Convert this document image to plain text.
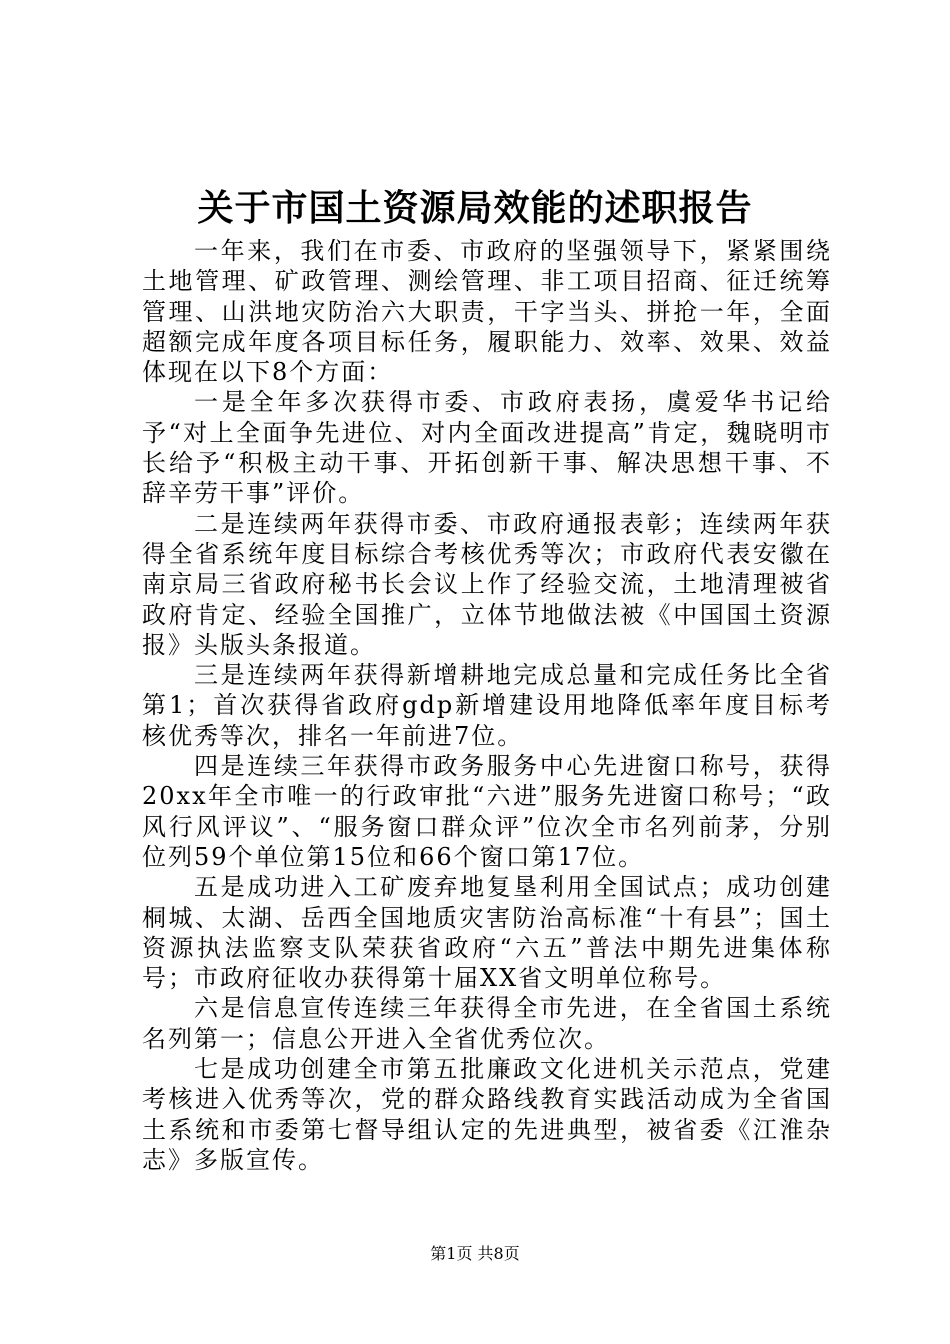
关于市国土资源局效能的述职报告

一年来，我们在市委、市政府的坚强领导下，紧紧围绕土地管理、矿政管理、测绘管理、非工项目招商、征迁统筹管理、山洪地灾防治六大职责，干字当头、拼抢一年，全面超额完成年度各项目标任务，履职能力、效率、效果、效益体现在以下8个方面：

一是全年多次获得市委、市政府表扬，虞爱华书记给予“对上全面争先进位、对内全面改进提高”肯定，魏晓明市长给予“积极主动干事、开拓创新干事、解决思想干事、不辞辛劳干事”评价。

二是连续两年获得市委、市政府通报表彰；连续两年获得全省系统年度目标综合考核优秀等次；市政府代表安徽在南京局三省政府秘书长会议上作了经验交流，土地清理被省政府肯定、经验全国推广，立体节地做法被《中国国土资源报》头版头条报道。

三是连续两年获得新增耕地完成总量和完成任务比全省第1；首次获得省政府gdp新增建设用地降低率年度目标考核优秀等次，排名一年前进7位。

四是连续三年获得市政务服务中心先进窗口称号，获得20xx年全市唯一的行政审批“六进”服务先进窗口称号；“政风行风评议”、“服务窗口群众评”位次全市名列前茅，分别位列59个单位第15位和66个窗口第17位。

五是成功进入工矿废弃地复垦利用全国试点；成功创建桐城、太湖、岳西全国地质灾害防治高标准“十有县”；国土资源执法监察支队荣获省政府“六五”普法中期先进集体称号；市政府征收办获得第十届XX省文明单位称号。

六是信息宣传连续三年获得全市先进，在全省国土系统名列第一；信息公开进入全省优秀位次。

七是成功创建全市第五批廉政文化进机关示范点，党建考核进入优秀等次，党的群众路线教育实践活动成为全省国土系统和市委第七督导组认定的先进典型，被省委《江淮杂志》多版宣传。

第1页 共8页
